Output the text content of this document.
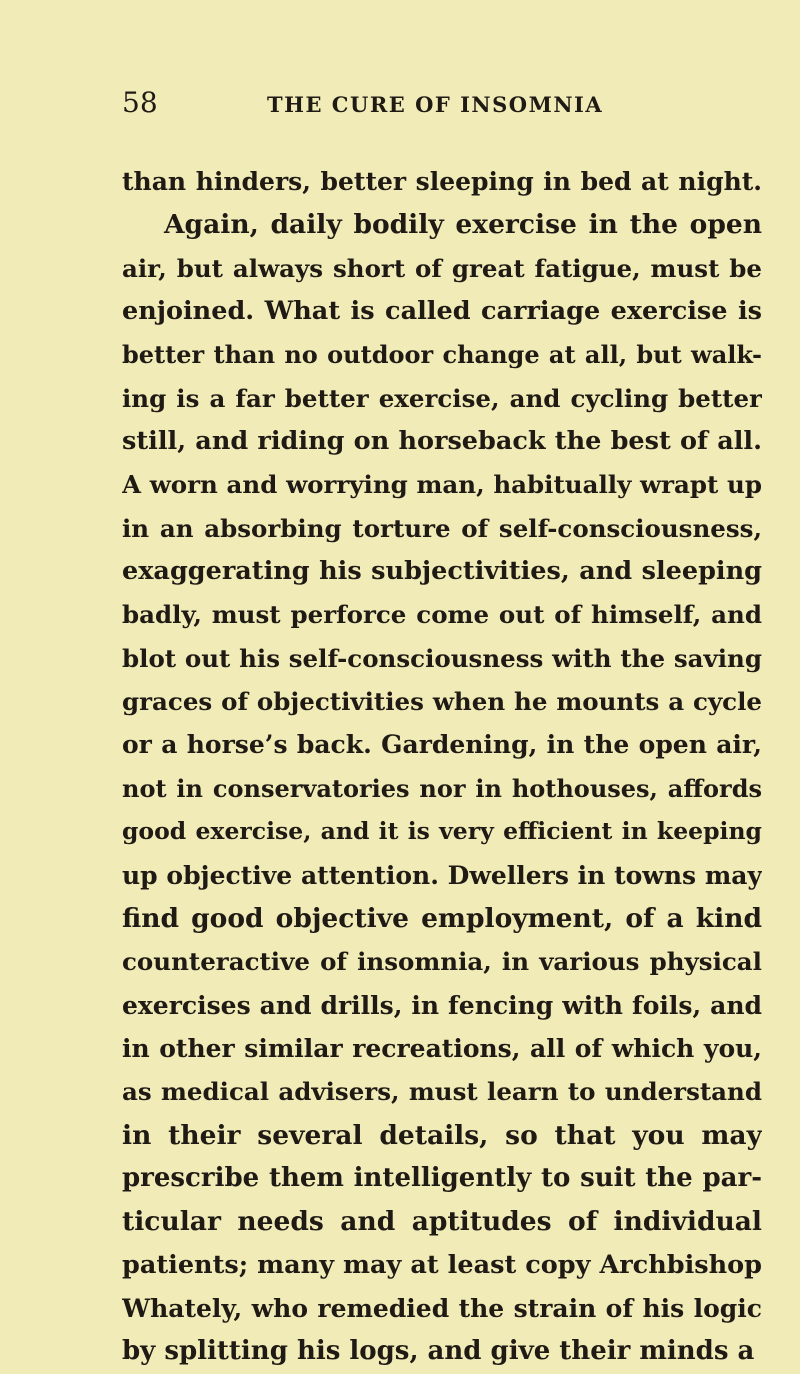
58	THE CURE OF INSOMNIA
than hinders, better sleeping in bed at night.
Again, daily bodily exercise in the open
air, but always short of great fatigue, must be
enjoined. What is called carriage exercise is
better than no outdoor change at all, but walk-
ing is a far better exercise, and cycling better
still, and riding on horseback the best of all.
A worn and worrying man, habitually wrapt up
in an absorbing torture of self-consciousness,
exaggerating his subjectivities, and sleeping
badly, must perforce come out of himself, and
blot out his self-consciousness with the saving
graces of objectivities when he mounts a cycle
or a horse’s back. Gardening, in the open air,
not in conservatories nor in hothouses, affords
good exercise, and it is very efficient in keeping
up objective attention. Dwellers in towns may
find good objective employment, of a kind
counteractive of insomnia, in various physical
exercises and drills, in fencing with foils, and
in other similar recreations, all of which you,
as medical advisers, must learn to understand
in their several details, so that you may
prescribe them intelligently to suit the par-
ticular needs and aptitudes of individual
patients; many may at least copy Archbishop
Whately, who remedied the strain of his logic
by splitting his logs, and give their minds a
